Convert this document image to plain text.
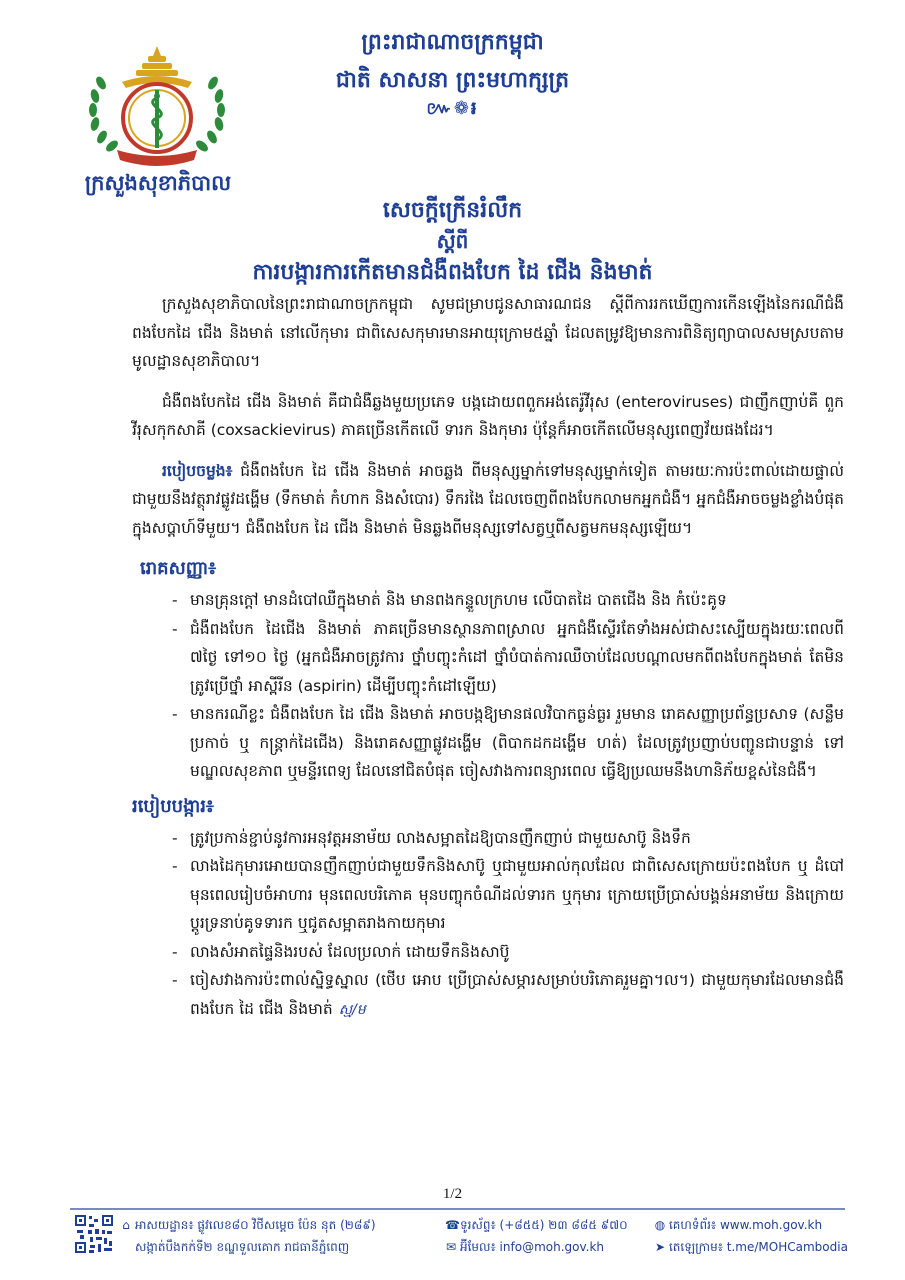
ក្រសួងសុខាភិបាល
ព្រះរាជាណាចក្រកម្ពុជា
ជាតិ សាសនា ព្រះមហាក្សត្រ
៚❁៛
សេចក្តីក្រើនរំលឹក
ស្តីពី
ការបង្ការការកើតមានជំងឺពងបែក ដៃ ជើង និងមាត់

ក្រសួងសុខាភិបាលនៃព្រះរាជាណាចក្រកម្ពុជា សូមជម្រាបជូនសាធារណជន ស្តីពីការរកឃើញការកើនឡើងនៃករណីជំងឺពងបែកដៃ ជើង និងមាត់ នៅលើកុមារ ជាពិសេសកុមារមានអាយុក្រោម៥ឆ្នាំ ដែលតម្រូវឱ្យមានការពិនិត្យព្យាបាលសមស្របតាមមូលដ្ឋានសុខាភិបាល។

ជំងឺពងបែកដៃ ជើង និងមាត់ គឺជាជំងឺឆ្លងមួយប្រភេទ បង្កដោយពពួកអង់តេរ៉ូវីរុស (enteroviruses) ជាញឹកញាប់គឺ ពួកវីរុសកុកសាគី (coxsackievirus) ភាគច្រើនកើតលើ ទារក និងកុមារ ប៉ុន្តែក៏អាចកើតលើមនុស្សពេញវ័យផងដែរ។

របៀបចម្លង៖ ជំងឺពងបែក ដៃ ជើង និងមាត់ អាចឆ្លង ពីមនុស្សម្នាក់ទៅមនុស្សម្នាក់ទៀត តាមរយៈការប៉ះពាល់ដោយផ្ទាល់ជាមួយនឹងវត្ថុរាវផ្លូវដង្ហើម (ទឹកមាត់ កំហាក និងសំបោរ) ទឹករងៃ ដែលចេញពីពងបែកលាមកអ្នកជំងឺ។ អ្នកជំងឺអាចចម្លងខ្លាំងបំផុតក្នុងសប្តាហ៍ទីមួយ។ ជំងឺពងបែក ដៃ ជើង និងមាត់ មិនឆ្លងពីមនុស្សទៅសត្វឬពីសត្វមកមនុស្សឡើយ។

រោគសញ្ញា៖
- មានគ្រុនក្តៅ មានដំបៅឈឺក្នុងមាត់ និង មានពងកន្ទួលក្រហម លើបាតដៃ បាតជើង និង កំប៉េះគូទ
- ជំងឺពងបែក ដៃជើង និងមាត់ ភាគច្រើនមានស្ថានភាពស្រាល អ្នកជំងឺស្ទើរតែទាំងអស់ជាសះស្បើយក្នុងរយៈពេលពី ៧ថ្ងៃ ទៅ១០ ថ្ងៃ (អ្នកជំងឺអាចត្រូវការ ថ្នាំបញ្ចុះកំដៅ ថ្នាំបំបាត់ការឈឺចាប់ដែលបណ្តាលមកពីពងបែកក្នុងមាត់ តែមិនត្រូវប្រើថ្នាំ អាស្ពីរីន (aspirin) ដើម្បីបញ្ចុះកំដៅឡើយ)
- មានករណីខ្លះ ជំងឺពងបែក ដៃ ជើង និងមាត់ អាចបង្កឱ្យមានផលវិបាកធ្ងន់ធ្ងរ រួមមាន រោគសញ្ញាប្រព័ន្ធប្រសាទ (សន្លឹម ប្រកាច់ ឬ កន្ត្រាក់ដៃជើង) និងរោគសញ្ញាផ្លូវដង្ហើម (ពិបាកដកដង្ហើម ហត់) ដែលត្រូវប្រញាប់បញ្ជូនជាបន្ទាន់ ទៅមណ្ឌលសុខភាព ឬមន្ទីរពេទ្យ ដែលនៅជិតបំផុត ចៀសវាងការពន្យារពេល ធ្វើឱ្យប្រឈមនឹងហានិភ័យខ្ពស់នៃជំងឺ។
របៀបបង្ការ៖
- ត្រូវប្រកាន់ខ្ជាប់នូវការអនុវត្តអនាម័យ លាងសម្អាតដៃឱ្យបានញឹកញាប់ ជាមួយសាប៊ូ និងទឹក
- លាងដៃកុមារអោយបានញឹកញាប់ជាមួយទឹកនិងសាប៊ូ ឬជាមួយអាល់កុលដែល ជាពិសេសក្រោយប៉ះពងបែក ឬ ដំបៅ មុនពេលរៀបចំអាហារ មុនពេលបរិភោគ មុនបញ្ចុកចំណីដល់ទារក ឬកុមារ ក្រោយប្រើប្រាស់បង្គន់អនាម័យ និងក្រោយប្តូរទ្រនាប់គូទទារក ឬជូតសម្អាតរាងកាយកុមារ
- លាងសំអាតផ្ទៃនិងរបស់ ដែលប្រលាក់ ដោយទឹកនិងសាប៊ូ
- ចៀសវាងការប៉ះពាល់ស្និទ្ធស្នាល (ថើប អោប ប្រើប្រាស់សម្ភារសម្រាប់បរិភោគរួមគ្នា។ល។) ជាមួយកុមារដែលមានជំងឺពងបែក ដៃ ជើង និងមាត់ ស្ម/ម
1/2
⌂ អាសយដ្ឋាន៖ ផ្លូវលេខ៨០ វិថីសម្តេច ប៉ែន នុត (២៨៩)
សង្កាត់បឹងកក់ទី២ ខណ្ឌទួលគោក រាជធានីភ្នំពេញ
☎ទូរស័ព្ទ៖ (+៨៥៥) ២៣ ៨៨៥ ៩៧០
✉ អ៊ីមែល៖ info@moh.gov.kh
◍ គេហទំព័រ៖ www.moh.gov.kh
➤ តេឡេក្រាម៖ t.me/MOHCambodia
